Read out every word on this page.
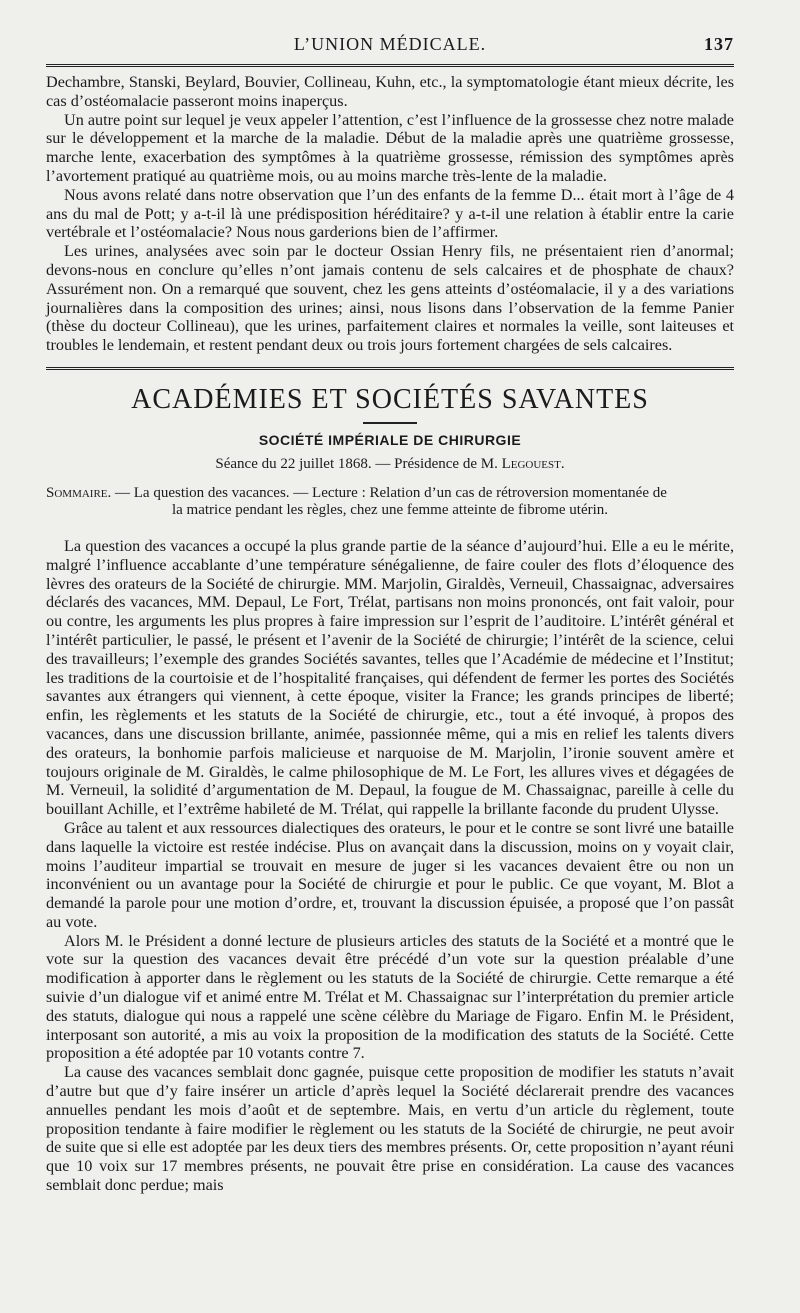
L’UNION MÉDICALE.	137

Dechambre, Stanski, Beylard, Bouvier, Collineau, Kuhn, etc., la symptomatologie étant mieux décrite, les cas d’ostéomalacie passeront moins inaperçus.

Un autre point sur lequel je veux appeler l’attention, c’est l’influence de la grossesse chez notre malade sur le développement et la marche de la maladie. Début de la maladie après une quatrième grossesse, marche lente, exacerbation des symptômes à la quatrième grossesse, rémission des symptômes après l’avortement pratiqué au quatrième mois, ou au moins marche très-lente de la maladie.

Nous avons relaté dans notre observation que l’un des enfants de la femme D... était mort à l’âge de 4 ans du mal de Pott; y a-t-il là une prédisposition héréditaire? y a-t-il une relation à établir entre la carie vertébrale et l’ostéomalacie? Nous nous garderions bien de l’affirmer.

Les urines, analysées avec soin par le docteur Ossian Henry fils, ne présentaient rien d’anormal; devons-nous en conclure qu’elles n’ont jamais contenu de sels calcaires et de phosphate de chaux? Assurément non. On a remarqué que souvent, chez les gens atteints d’ostéomalacie, il y a des variations journalières dans la composition des urines; ainsi, nous lisons dans l’observation de la femme Panier (thèse du docteur Collineau), que les urines, parfaitement claires et normales la veille, sont laiteuses et troubles le lendemain, et restent pendant deux ou trois jours fortement chargées de sels calcaires.

ACADÉMIES ET SOCIÉTÉS SAVANTES
SOCIÉTÉ IMPÉRIALE DE CHIRURGIE
Séance du 22 juillet 1868. — Présidence de M. Legouest.
Sommaire. — La question des vacances. — Lecture : Relation d’un cas de rétroversion momentanée de
la matrice pendant les règles, chez une femme atteinte de fibrome utérin.

La question des vacances a occupé la plus grande partie de la séance d’aujourd’hui. Elle a eu le mérite, malgré l’influence accablante d’une température sénégalienne, de faire couler des flots d’éloquence des lèvres des orateurs de la Société de chirurgie. MM. Marjolin, Giraldès, Verneuil, Chassaignac, adversaires déclarés des vacances, MM. Depaul, Le Fort, Trélat, partisans non moins prononcés, ont fait valoir, pour ou contre, les arguments les plus propres à faire impression sur l’esprit de l’auditoire. L’intérêt général et l’intérêt particulier, le passé, le présent et l’avenir de la Société de chirurgie; l’intérêt de la science, celui des travailleurs; l’exemple des grandes Sociétés savantes, telles que l’Académie de médecine et l’Institut; les traditions de la courtoisie et de l’hospitalité françaises, qui défendent de fermer les portes des Sociétés savantes aux étrangers qui viennent, à cette époque, visiter la France; les grands principes de liberté; enfin, les règlements et les statuts de la Société de chirurgie, etc., tout a été invoqué, à propos des vacances, dans une discussion brillante, animée, passionnée même, qui a mis en relief les talents divers des orateurs, la bonhomie parfois malicieuse et narquoise de M. Marjolin, l’ironie souvent amère et toujours originale de M. Giraldès, le calme philosophique de M. Le Fort, les allures vives et dégagées de M. Verneuil, la solidité d’argumentation de M. Depaul, la fougue de M. Chassaignac, pareille à celle du bouillant Achille, et l’extrême habileté de M. Trélat, qui rappelle la brillante faconde du prudent Ulysse.

Grâce au talent et aux ressources dialectiques des orateurs, le pour et le contre se sont livré une bataille dans laquelle la victoire est restée indécise. Plus on avançait dans la discussion, moins on y voyait clair, moins l’auditeur impartial se trouvait en mesure de juger si les vacances devaient être ou non un inconvénient ou un avantage pour la Société de chirurgie et pour le public. Ce que voyant, M. Blot a demandé la parole pour une motion d’ordre, et, trouvant la discussion épuisée, a proposé que l’on passât au vote.

Alors M. le Président a donné lecture de plusieurs articles des statuts de la Société et a montré que le vote sur la question des vacances devait être précédé d’un vote sur la question préalable d’une modification à apporter dans le règlement ou les statuts de la Société de chirurgie. Cette remarque a été suivie d’un dialogue vif et animé entre M. Trélat et M. Chassaignac sur l’interprétation du premier article des statuts, dialogue qui nous a rappelé une scène célèbre du Mariage de Figaro. Enfin M. le Président, interposant son autorité, a mis au voix la proposition de la modification des statuts de la Société. Cette proposition a été adoptée par 10 votants contre 7.

La cause des vacances semblait donc gagnée, puisque cette proposition de modifier les statuts n’avait d’autre but que d’y faire insérer un article d’après lequel la Société déclarerait prendre des vacances annuelles pendant les mois d’août et de septembre. Mais, en vertu d’un article du règlement, toute proposition tendante à faire modifier le règlement ou les statuts de la Société de chirurgie, ne peut avoir de suite que si elle est adoptée par les deux tiers des membres présents. Or, cette proposition n’ayant réuni que 10 voix sur 17 membres présents, ne pouvait être prise en considération. La cause des vacances semblait donc perdue; mais
